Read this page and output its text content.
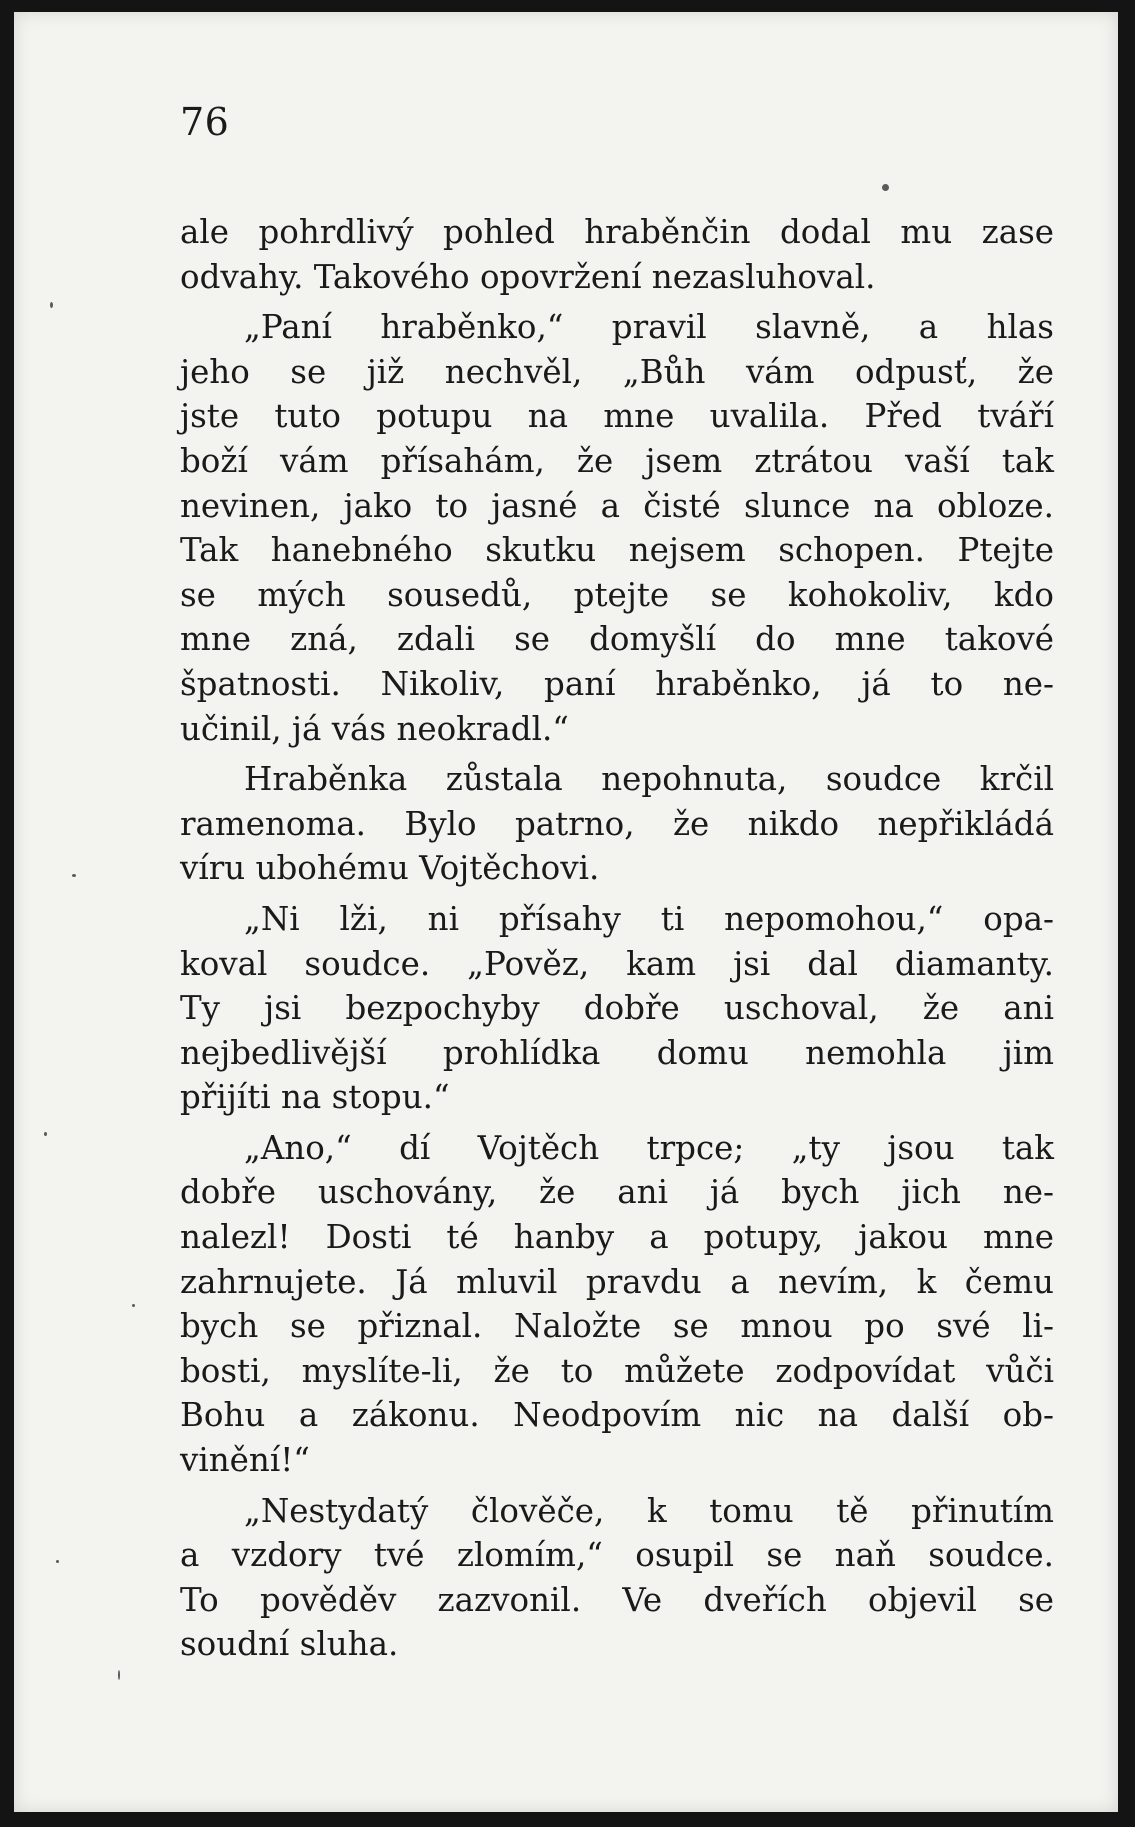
76
ale pohrdlivý pohled hraběnčin dodal mu zase
odvahy. Takového opovržení nezasluhoval.
„Paní hraběnko,“ pravil slavně, a hlas
jeho se již nechvěl, „Bůh vám odpusť, že
jste tuto potupu na mne uvalila. Před tváří
boží vám přísahám, že jsem ztrátou vaší tak
nevinen, jako to jasné a čisté slunce na obloze.
Tak hanebného skutku nejsem schopen. Ptejte
se mých sousedů, ptejte se kohokoliv, kdo
mne zná, zdali se domyšlí do mne takové
špatnosti. Nikoliv, paní hraběnko, já to ne-
učinil, já vás neokradl.“
Hraběnka zůstala nepohnuta, soudce krčil
ramenoma. Bylo patrno, že nikdo nepřikládá
víru ubohému Vojtěchovi.
„Ni lži, ni přísahy ti nepomohou,“ opa-
koval soudce. „Pověz, kam jsi dal diamanty.
Ty jsi bezpochyby dobře uschoval, že ani
nejbedlivější prohlídka domu nemohla jim
přijíti na stopu.“
„Ano,“ dí Vojtěch trpce; „ty jsou tak
dobře uschovány, že ani já bych jich ne-
nalezl! Dosti té hanby a potupy, jakou mne
zahrnujete. Já mluvil pravdu a nevím, k čemu
bych se přiznal. Naložte se mnou po své li-
bosti, myslíte-li, že to můžete zodpovídat vůči
Bohu a zákonu. Neodpovím nic na další ob-
vinění!“
„Nestydatý člověče, k tomu tě přinutím
a vzdory tvé zlomím,“ osupil se naň soudce.
To pověděv zazvonil. Ve dveřích objevil se
soudní sluha.
